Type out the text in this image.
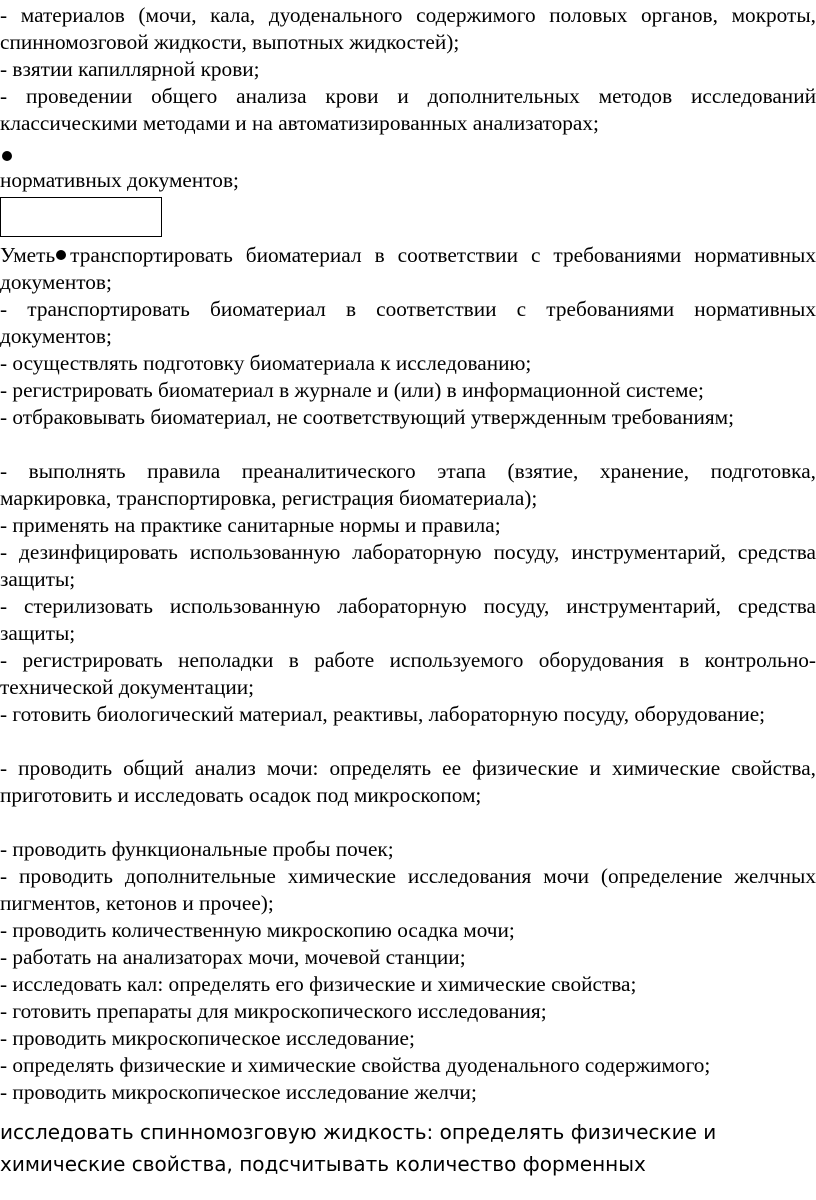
- материалов (мочи, кала, дуоденального содержимого половых органов, мокроты, спинномозговой жидкости, выпотных жидкостей);

- взятии капиллярной крови;

- проведении общего анализа крови и дополнительных методов исследований классическими методами и на автоматизированных анализаторах;

нормативных документов;

Уметь транспортировать биоматериал в соответствии с требованиями нормативных документов;

- транспортировать биоматериал в соответствии с требованиями нормативных документов;

- осуществлять подготовку биоматериала к исследованию;

- регистрировать биоматериал в журнале и (или) в информационной системе;

- отбраковывать биоматериал, не соответствующий утвержденным требованиям;

- выполнять правила преаналитического этапа (взятие, хранение, подготовка, маркировка, транспортировка, регистрация биоматериала);

- применять на практике санитарные нормы и правила;

- дезинфицировать использованную лабораторную посуду, инструментарий, средства защиты;

- стерилизовать использованную лабораторную посуду, инструментарий, средства защиты;

- регистрировать неполадки в работе используемого оборудования в контрольно-технической документации;

- готовить биологический материал, реактивы, лабораторную посуду, оборудование;

- проводить общий анализ мочи: определять ее физические и химические свойства, приготовить и исследовать осадок под микроскопом;

- проводить функциональные пробы почек;

- проводить дополнительные химические исследования мочи (определение желчных пигментов, кетонов и прочее);

- проводить количественную микроскопию осадка мочи;

- работать на анализаторах мочи, мочевой станции;

- исследовать кал: определять его физические и химические свойства;

- готовить препараты для микроскопического исследования;

- проводить микроскопическое исследование;

- определять физические и химические свойства дуоденального содержимого;

- проводить микроскопическое исследование желчи;

исследовать спинномозговую жидкость: определять физические и

химические свойства, подсчитывать количество форменных
